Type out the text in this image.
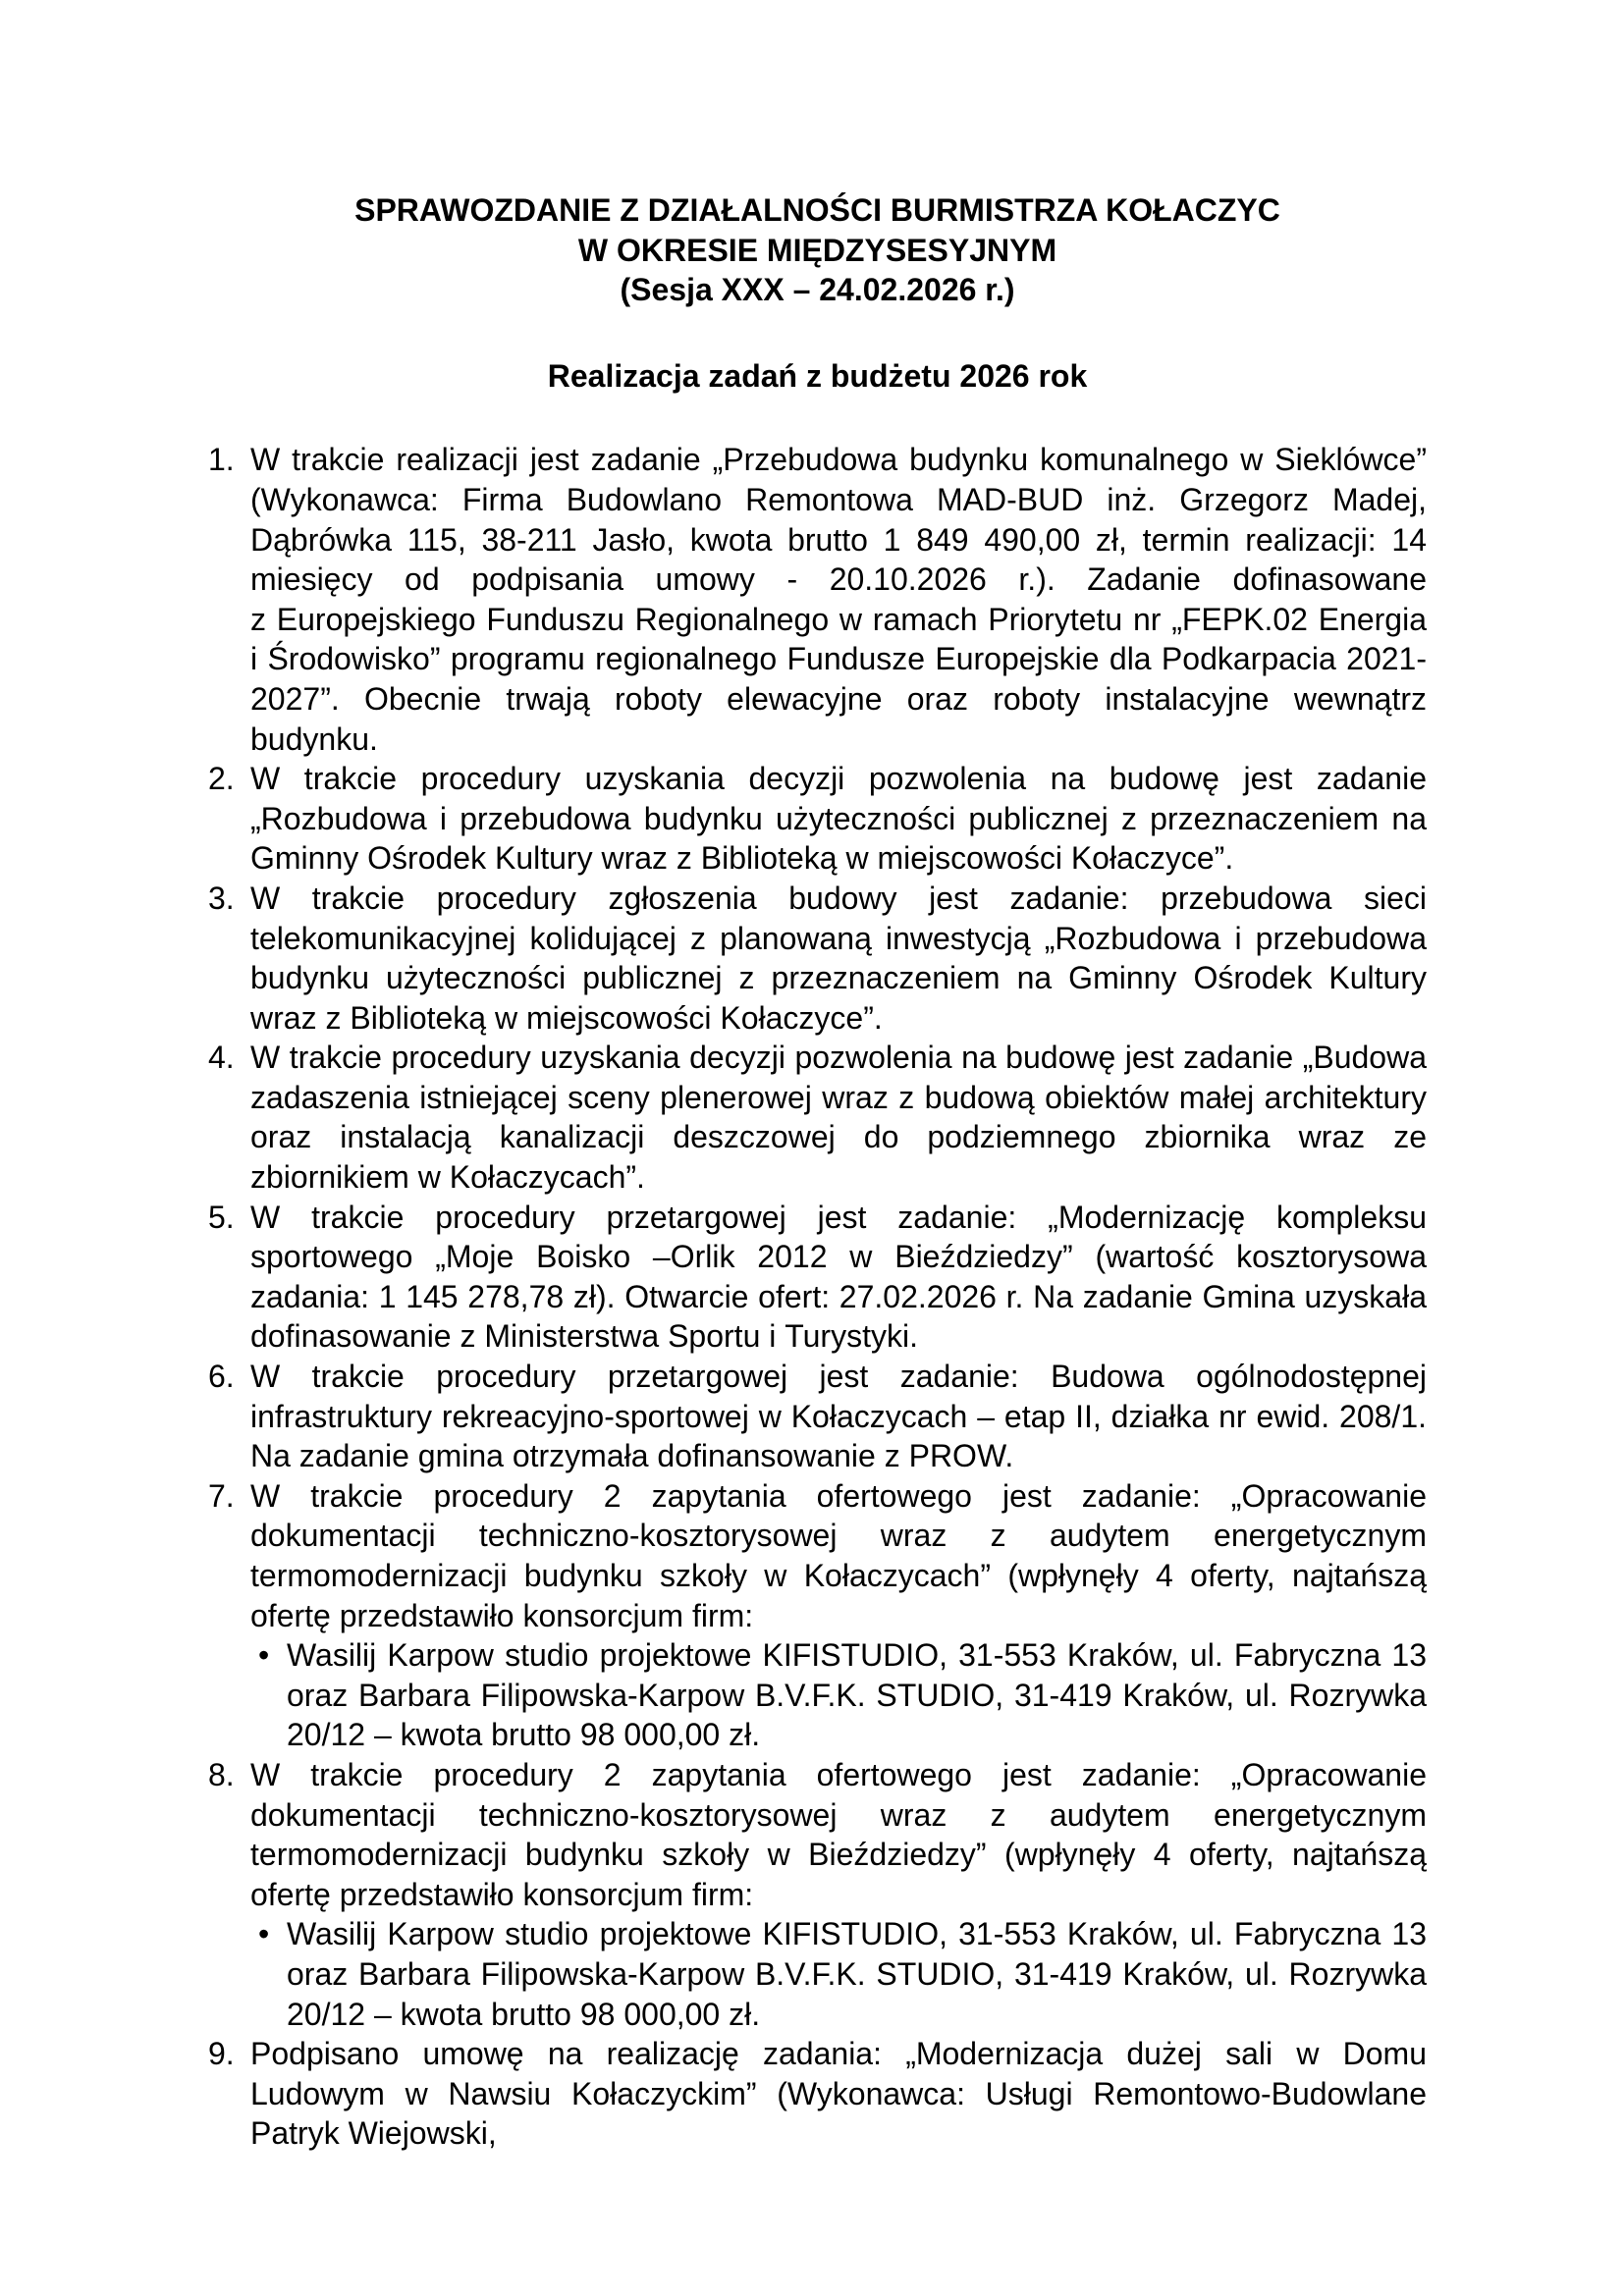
SPRAWOZDANIE Z DZIAŁALNOŚCI BURMISTRZA KOŁACZYC
W OKRESIE MIĘDZYSESYJNYM
(Sesja XXX – 24.02.2026 r.)
Realizacja zadań z budżetu 2026 rok
1. W trakcie realizacji jest zadanie „Przebudowa budynku komunalnego w Sieklówce” (Wykonawca: Firma Budowlano Remontowa MAD-BUD inż. Grzegorz Madej, Dąbrówka 115, 38-211 Jasło, kwota brutto 1 849 490,00 zł, termin realizacji: 14 miesięcy od podpisania umowy - 20.10.2026 r.). Zadanie dofinasowane z Europejskiego Funduszu Regionalnego w ramach Priorytetu nr „FEPK.02 Energia i Środowisko” programu regionalnego Fundusze Europejskie dla Podkarpacia 2021-2027”. Obecnie trwają roboty elewacyjne oraz roboty instalacyjne wewnątrz budynku.
2. W trakcie procedury uzyskania decyzji pozwolenia na budowę jest zadanie „Rozbudowa i przebudowa budynku użyteczności publicznej z przeznaczeniem na Gminny Ośrodek Kultury wraz z Biblioteką w miejscowości Kołaczyce”.
3. W trakcie procedury zgłoszenia budowy jest zadanie: przebudowa sieci telekomunikacyjnej kolidującej z planowaną inwestycją „Rozbudowa i przebudowa budynku użyteczności publicznej z przeznaczeniem na Gminny Ośrodek Kultury wraz z Biblioteką w miejscowości Kołaczyce”.
4. W trakcie procedury uzyskania decyzji pozwolenia na budowę jest zadanie „Budowa zadaszenia istniejącej sceny plenerowej wraz z budową obiektów małej architektury oraz instalacją kanalizacji deszczowej do podziemnego zbiornika wraz ze zbiornikiem w Kołaczycach”.
5. W trakcie procedury przetargowej jest zadanie: „Modernizację kompleksu sportowego „Moje Boisko –Orlik 2012 w Bieździedzy” (wartość kosztorysowa zadania: 1 145 278,78 zł). Otwarcie ofert: 27.02.2026 r. Na zadanie Gmina uzyskała dofinasowanie z Ministerstwa Sportu i Turystyki.
6. W trakcie procedury przetargowej jest zadanie: Budowa ogólnodostępnej infrastruktury rekreacyjno-sportowej w Kołaczycach – etap II, działka nr ewid. 208/1. Na zadanie gmina otrzymała dofinansowanie z PROW.
7. W trakcie procedury 2 zapytania ofertowego jest zadanie: „Opracowanie dokumentacji techniczno-kosztorysowej wraz z audytem energetycznym termomodernizacji budynku szkoły w Kołaczycach” (wpłynęły 4 oferty, najtańszą ofertę przedstawiło konsorcjum firm:
• Wasilij Karpow studio projektowe KIFISTUDIO, 31-553 Kraków, ul. Fabryczna 13 oraz Barbara Filipowska-Karpow B.V.F.K. STUDIO, 31-419 Kraków, ul. Rozrywka 20/12 – kwota brutto 98 000,00 zł.
8. W trakcie procedury 2 zapytania ofertowego jest zadanie: „Opracowanie dokumentacji techniczno-kosztorysowej wraz z audytem energetycznym termomodernizacji budynku szkoły w Bieździedzy” (wpłynęły 4 oferty, najtańszą ofertę przedstawiło konsorcjum firm:
• Wasilij Karpow studio projektowe KIFISTUDIO, 31-553 Kraków, ul. Fabryczna 13 oraz Barbara Filipowska-Karpow B.V.F.K. STUDIO, 31-419 Kraków, ul. Rozrywka 20/12 – kwota brutto 98 000,00 zł.
9. Podpisano umowę na realizację zadania: „Modernizacja dużej sali w Domu Ludowym w Nawsiu Kołaczyckim” (Wykonawca: Usługi Remontowo-Budowlane Patryk Wiejowski,
